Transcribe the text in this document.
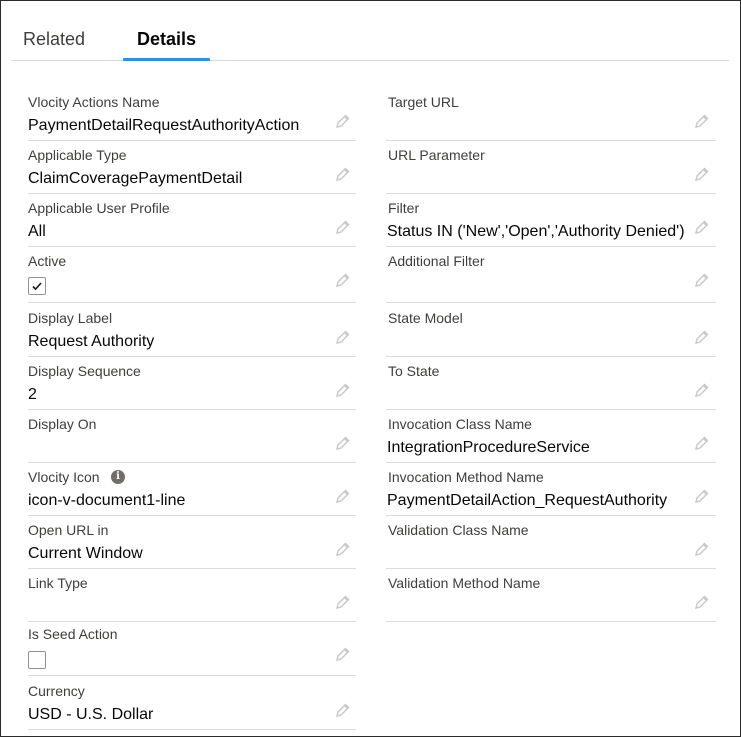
Related	Details
Vlocity Actions Name
PaymentDetailRequestAuthorityAction
Applicable Type
ClaimCoveragePaymentDetail
Applicable User Profile
All
Active
Display Label
Request Authority
Display Sequence
2
Display On
Vlocity Icon	i
icon-v-document1-line
Open URL in
Current Window
Link Type
Is Seed Action
Currency
USD - U.S. Dollar
Target URL
URL Parameter
Filter
Status IN ('New','Open','Authority Denied')
Additional Filter
State Model
To State
Invocation Class Name
IntegrationProcedureService
Invocation Method Name
PaymentDetailAction_RequestAuthority
Validation Class Name
Validation Method Name
